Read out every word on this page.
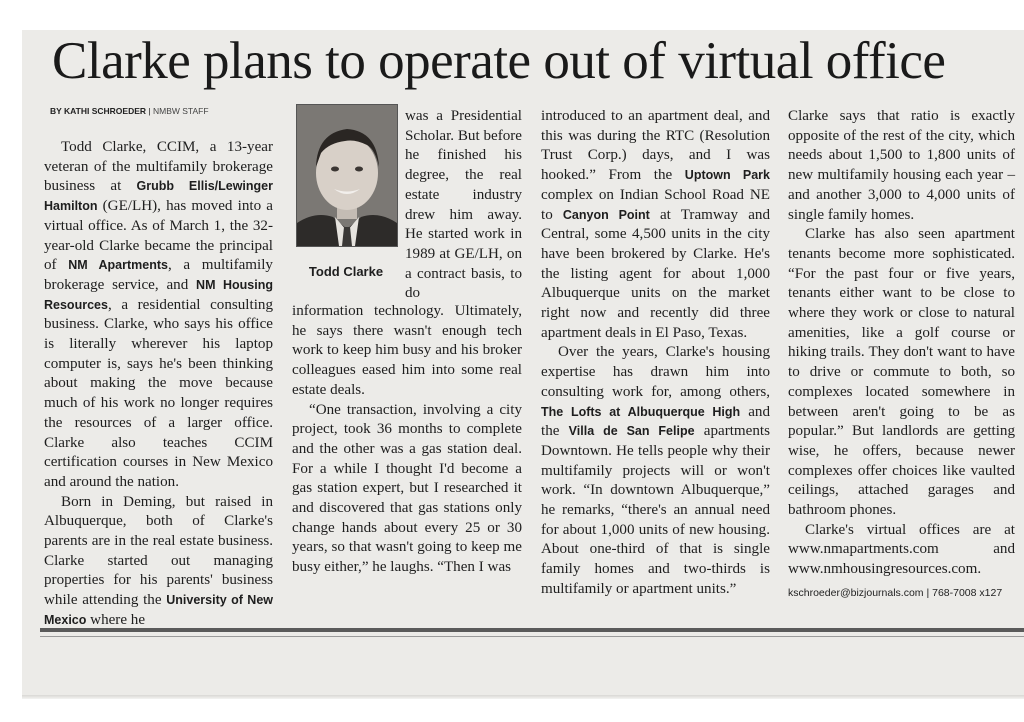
Clarke plans to operate out of virtual office
BY KATHI SCHROEDER | NMBW STAFF

Todd Clarke, CCIM, a 13-year veteran of the multifamily brokerage business at Grubb Ellis/Lewinger Hamilton (GE/LH), has moved into a virtual office. As of March 1, the 32-year-old Clarke became the principal of NM Apartments, a multifamily brokerage service, and NM Housing Resources, a residential consulting business. Clarke, who says his office is literally wherever his laptop computer is, says he's been thinking about making the move because much of his work no longer requires the resources of a larger office. Clarke also teaches CCIM certification courses in New Mexico and around the nation.

Born in Deming, but raised in Albuquerque, both of Clarke's parents are in the real estate business. Clarke started out managing properties for his parents' business while attending the University of New Mexico where he

Todd Clarke

was a Presidential Scholar. But before he finished his degree, the real estate industry drew him away. He started work in 1989 at GE/LH, on a contract basis, to do

information technology. Ultimately, he says there wasn't enough tech work to keep him busy and his broker colleagues eased him into some real estate deals.

“One transaction, involving a city project, took 36 months to complete and the other was a gas station deal. For a while I thought I'd become a gas station expert, but I researched it and discovered that gas stations only change hands about every 25 or 30 years, so that wasn't going to keep me busy either,” he laughs. “Then I was

introduced to an apartment deal, and this was during the RTC (Resolution Trust Corp.) days, and I was hooked.” From the Uptown Park complex on Indian School Road NE to Canyon Point at Tramway and Central, some 4,500 units in the city have been brokered by Clarke. He's the listing agent for about 1,000 Albuquerque units on the market right now and recently did three apartment deals in El Paso, Texas.

Over the years, Clarke's housing expertise has drawn him into consulting work for, among others, The Lofts at Albuquerque High and the Villa de San Felipe apartments Downtown. He tells people why their multifamily projects will or won't work. “In downtown Albuquerque,” he remarks, “there's an annual need for about 1,000 units of new housing. About one-third of that is single family homes and two-thirds is multifamily or apartment units.”

Clarke says that ratio is exactly opposite of the rest of the city, which needs about 1,500 to 1,800 units of new multifamily housing each year – and another 3,000 to 4,000 units of single family homes.

Clarke has also seen apartment tenants become more sophisticated. “For the past four or five years, tenants either want to be close to where they work or close to natural amenities, like a golf course or hiking trails. They don't want to have to drive or commute to both, so complexes located somewhere in between aren't going to be as popular.” But landlords are getting wise, he offers, because newer complexes offer choices like vaulted ceilings, attached garages and bathroom phones.

Clarke's virtual offices are at www.nmapartments.com and www.nmhousingresources.com.

kschroeder@bizjournals.com | 768-7008 x127
